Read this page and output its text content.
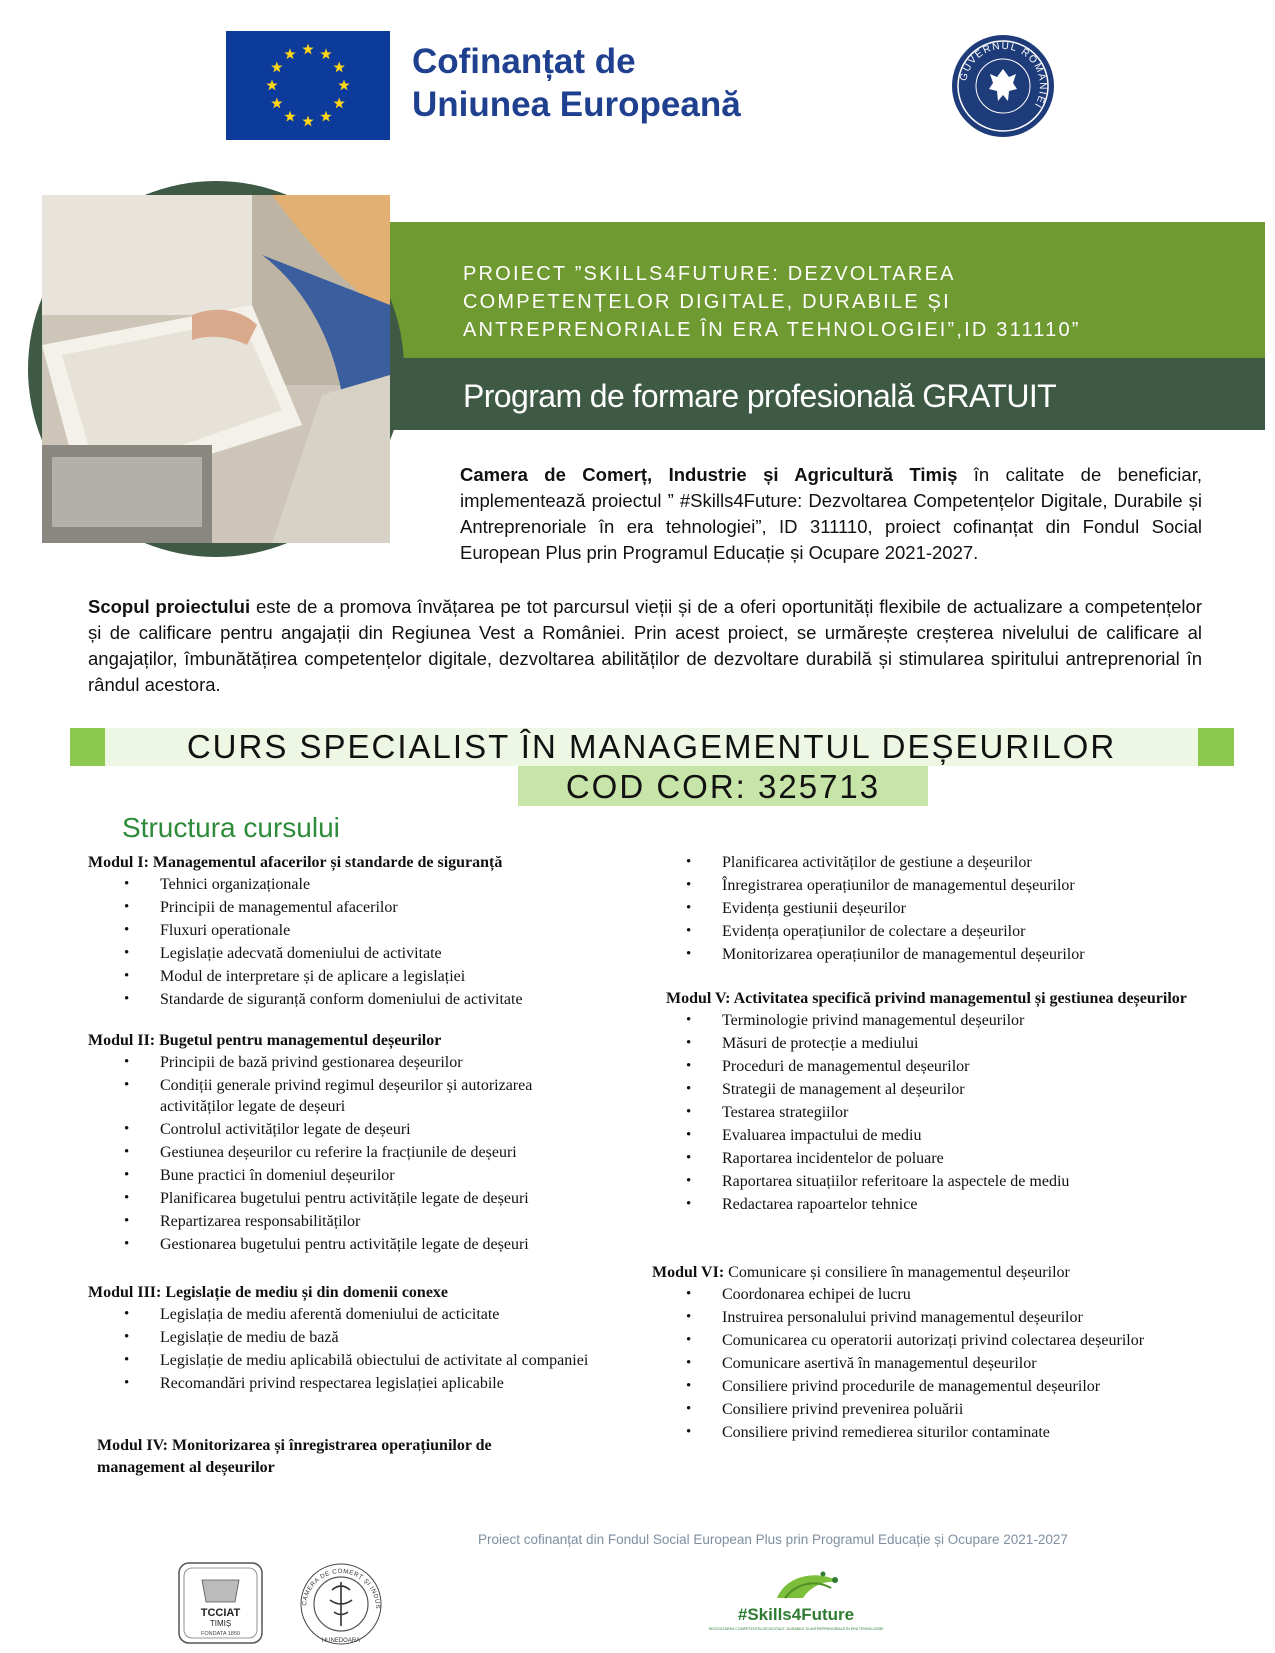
Cofinanțat de
Uniunea Europeană
GUVERNUL ROMÂNIEI
PROIECT ”SKILLS4FUTURE: DEZVOLTAREA
COMPETENȚELOR DIGITALE, DURABILE ȘI
ANTREPRENORIALE ÎN ERA TEHNOLOGIEI”,ID 311110”
Program de formare profesională GRATUIT
Camera de Comerț, Industrie și Agricultură Timiș în calitate de beneficiar, implementează proiectul ” #Skills4Future: Dezvoltarea Competențelor Digitale, Durabile și Antreprenoriale în era tehnologiei”, ID 311110, proiect cofinanțat din Fondul Social European Plus prin Programul Educație și Ocupare 2021-2027.
Scopul proiectului este de a promova învățarea pe tot parcursul vieții și de a oferi oportunități flexibile de actualizare a competențelor și de calificare pentru angajații din Regiunea Vest a României. Prin acest proiect, se urmărește creșterea nivelului de calificare al angajaților, îmbunătățirea competențelor digitale, dezvoltarea abilităților de dezvoltare durabilă și stimularea spiritului antreprenorial în rândul acestora.
CURS SPECIALIST ÎN MANAGEMENTUL DEȘEURILOR
COD COR: 325713
Structura cursului
Modul I: Managementul afacerilor și standarde de siguranță
• Tehnici organizaționale
• Principii de managementul afacerilor
• Fluxuri operationale
• Legislație adecvată domeniului de activitate
• Modul de interpretare și de aplicare a legislației
• Standarde de siguranță conform domeniului de activitate
Modul II: Bugetul pentru managementul deșeurilor
• Principii de bază privind gestionarea deșeurilor
• Condiții generale privind regimul deșeurilor și autorizarea activităților legate de deșeuri
• Controlul activităților legate de deșeuri
• Gestiunea deșeurilor cu referire la fracțiunile de deșeuri
• Bune practici în domeniul deșeurilor
• Planificarea bugetului pentru activitățile legate de deșeuri
• Repartizarea responsabilităților
• Gestionarea bugetului pentru activitățile legate de deșeuri
Modul III: Legislație de mediu și din domenii conexe
• Legislația de mediu aferentă domeniului de acticitate
• Legislație de mediu de bază
• Legislație de mediu aplicabilă obiectului de activitate al companiei
• Recomandări privind respectarea legislației aplicabile
Modul IV: Monitorizarea și înregistrarea operațiunilor de management al deșeurilor
• Planificarea activităților de gestiune a deșeurilor
• Înregistrarea operațiunilor de managementul deșeurilor
• Evidența gestiunii deșeurilor
• Evidența operațiunilor de colectare a deșeurilor
• Monitorizarea operațiunilor de managementul deșeurilor
Modul V: Activitatea specifică privind managementul și gestiunea deșeurilor
• Terminologie privind managementul deșeurilor
• Măsuri de protecție a mediului
• Proceduri de managementul deșeurilor
• Strategii de management al deșeurilor
• Testarea strategiilor
• Evaluarea impactului de mediu
• Raportarea incidentelor de poluare
• Raportarea situațiilor referitoare la aspectele de mediu
• Redactarea rapoartelor tehnice
Modul VI: Comunicare și consiliere în managementul deșeurilor
• Coordonarea echipei de lucru
• Instruirea personalului privind managementul deșeurilor
• Comunicarea cu operatorii autorizați privind colectarea deșeurilor
• Comunicare asertivă în managementul deșeurilor
• Consiliere privind procedurile de managementul deșeurilor
• Consiliere privind prevenirea poluării
• Consiliere privind remedierea siturilor contaminate
Proiect cofinanțat din Fondul Social European Plus prin Programul Educație și Ocupare 2021-2027
TCCIAT
TIMIȘ
FONDATA 1850
CAMERA DE COMERȚ ȘI INDUS
HUNEDOARA
#Skills4Future
DEZVOLTAREA COMPETENȚELOR DIGITALE, DURABILE ȘI ANTREPRENORIALE ÎN ERA TEHNOLOGIEI
